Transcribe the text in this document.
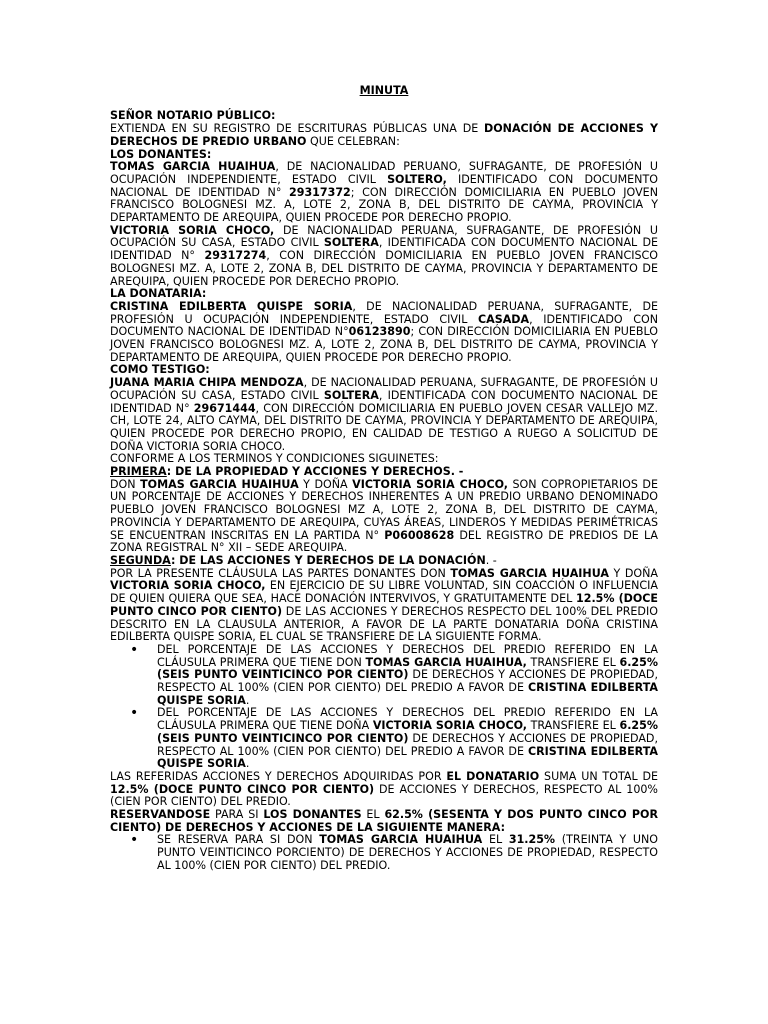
MINUTA

SEÑOR NOTARIO PÚBLICO:

EXTIENDA EN SU REGISTRO DE ESCRITURAS PÚBLICAS UNA DE DONACIÓN DE ACCIONES Y DERECHOS DE PREDIO URBANO QUE CELEBRAN:

LOS DONANTES:

TOMAS GARCIA HUAIHUA, DE NACIONALIDAD PERUANO, SUFRAGANTE, DE PROFESIÓN U OCUPACIÓN INDEPENDIENTE, ESTADO CIVIL SOLTERO, IDENTIFICADO CON DOCUMENTO NACIONAL DE IDENTIDAD N° 29317372; CON DIRECCIÓN DOMICILIARIA EN PUEBLO JOVEN FRANCISCO BOLOGNESI MZ. A, LOTE 2, ZONA B, DEL DISTRITO DE CAYMA, PROVINCIA Y DEPARTAMENTO DE AREQUIPA, QUIEN PROCEDE POR DERECHO PROPIO.

VICTORIA SORIA CHOCO, DE NACIONALIDAD PERUANA, SUFRAGANTE, DE PROFESIÓN U OCUPACIÓN SU CASA, ESTADO CIVIL SOLTERA, IDENTIFICADA CON DOCUMENTO NACIONAL DE IDENTIDAD N° 29317274, CON DIRECCIÓN DOMICILIARIA EN PUEBLO JOVEN FRANCISCO BOLOGNESI MZ. A, LOTE 2, ZONA B, DEL DISTRITO DE CAYMA, PROVINCIA Y DEPARTAMENTO DE AREQUIPA, QUIEN PROCEDE POR DERECHO PROPIO.

LA DONATARIA:

CRISTINA EDILBERTA QUISPE SORIA, DE NACIONALIDAD PERUANA, SUFRAGANTE, DE PROFESIÓN U OCUPACIÓN INDEPENDIENTE, ESTADO CIVIL CASADA, IDENTIFICADO CON DOCUMENTO NACIONAL DE IDENTIDAD N°06123890; CON DIRECCIÓN DOMICILIARIA EN PUEBLO JOVEN FRANCISCO BOLOGNESI MZ. A, LOTE 2, ZONA B, DEL DISTRITO DE CAYMA, PROVINCIA Y DEPARTAMENTO DE AREQUIPA, QUIEN PROCEDE POR DERECHO PROPIO.

COMO TESTIGO:

JUANA MARIA CHIPA MENDOZA, DE NACIONALIDAD PERUANA, SUFRAGANTE, DE PROFESIÓN U OCUPACIÓN SU CASA, ESTADO CIVIL SOLTERA, IDENTIFICADA CON DOCUMENTO NACIONAL DE IDENTIDAD N° 29671444, CON DIRECCIÓN DOMICILIARIA EN PUEBLO JOVEN CESAR VALLEJO MZ. CH, LOTE 24, ALTO CAYMA, DEL DISTRITO DE CAYMA, PROVINCIA Y DEPARTAMENTO DE AREQUIPA, QUIEN PROCEDE POR DERECHO PROPIO, EN CALIDAD DE TESTIGO A RUEGO A SOLICITUD DE DOÑA VICTORIA SORIA CHOCO.

CONFORME A LOS TERMINOS Y CONDICIONES SIGUINETES:

PRIMERA: DE LA PROPIEDAD Y ACCIONES Y DERECHOS. -

DON TOMAS GARCIA HUAIHUA Y DOÑA VICTORIA SORIA CHOCO, SON COPROPIETARIOS DE UN PORCENTAJE DE ACCIONES Y DERECHOS INHERENTES A UN PREDIO URBANO DENOMINADO PUEBLO JOVEN FRANCISCO BOLOGNESI MZ A, LOTE 2, ZONA B, DEL DISTRITO DE CAYMA, PROVINCIA Y DEPARTAMENTO DE AREQUIPA, CUYAS ÁREAS, LINDEROS Y MEDIDAS PERIMÉTRICAS SE ENCUENTRAN INSCRITAS EN LA PARTIDA N° P06008628 DEL REGISTRO DE PREDIOS DE LA ZONA REGISTRAL N° XII – SEDE AREQUIPA.

SEGUNDA: DE LAS ACCIONES Y DERECHOS DE LA DONACIÓN. -

POR LA PRESENTE CLÁUSULA LAS PARTES DONANTES DON TOMAS GARCIA HUAIHUA Y DOÑA VICTORIA SORIA CHOCO, EN EJERCICIO DE SU LIBRE VOLUNTAD, SIN COACCIÓN O INFLUENCIA DE QUIEN QUIERA QUE SEA, HACE DONACIÓN INTERVIVOS, Y GRATUITAMENTE DEL 12.5% (DOCE PUNTO CINCO POR CIENTO) DE LAS ACCIONES Y DERECHOS RESPECTO DEL 100% DEL PREDIO DESCRITO EN LA CLAUSULA ANTERIOR, A FAVOR DE LA PARTE DONATARIA DOÑA CRISTINA EDILBERTA QUISPE SORIA, EL CUAL SE TRANSFIERE DE LA SIGUIENTE FORMA.

• DEL PORCENTAJE DE LAS ACCIONES Y DERECHOS DEL PREDIO REFERIDO EN LA CLÁUSULA PRIMERA QUE TIENE DON TOMAS GARCIA HUAIHUA, TRANSFIERE EL 6.25% (SEIS PUNTO VEINTICINCO POR CIENTO) DE DERECHOS Y ACCIONES DE PROPIEDAD, RESPECTO AL 100% (CIEN POR CIENTO) DEL PREDIO A FAVOR DE CRISTINA EDILBERTA QUISPE SORIA.
• DEL PORCENTAJE DE LAS ACCIONES Y DERECHOS DEL PREDIO REFERIDO EN LA CLÁUSULA PRIMERA QUE TIENE DOÑA VICTORIA SORIA CHOCO, TRANSFIERE EL 6.25% (SEIS PUNTO VEINTICINCO POR CIENTO) DE DERECHOS Y ACCIONES DE PROPIEDAD, RESPECTO AL 100% (CIEN POR CIENTO) DEL PREDIO A FAVOR DE CRISTINA EDILBERTA QUISPE SORIA.

LAS REFERIDAS ACCIONES Y DERECHOS ADQUIRIDAS POR EL DONATARIO SUMA UN TOTAL DE 12.5% (DOCE PUNTO CINCO POR CIENTO) DE ACCIONES Y DERECHOS, RESPECTO AL 100% (CIEN POR CIENTO) DEL PREDIO.

RESERVANDOSE PARA SI LOS DONANTES EL 62.5% (SESENTA Y DOS PUNTO CINCO POR CIENTO) DE DERECHOS Y ACCIONES DE LA SIGUIENTE MANERA:

• SE RESERVA PARA SI DON TOMAS GARCIA HUAIHUA EL 31.25% (TREINTA Y UNO PUNTO VEINTICINCO PORCIENTO) DE DERECHOS Y ACCIONES DE PROPIEDAD, RESPECTO AL 100% (CIEN POR CIENTO) DEL PREDIO.
